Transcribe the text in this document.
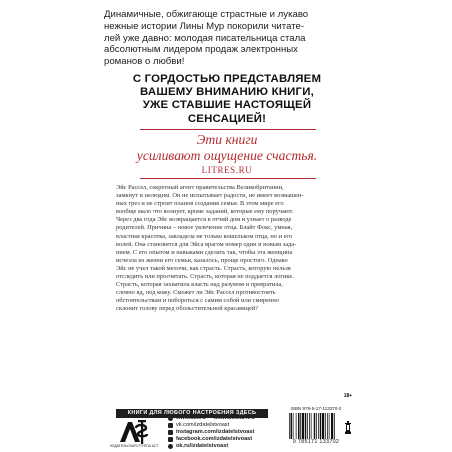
Динамичные, обжигающе страстные и лукаво
нежные истории Лины Мур покорили читате-
лей уже давно: молодая писательница стала
абсолютным лидером продаж электронных
романов о любви!
С ГОРДОСТЬЮ ПРЕДСТАВЛЯЕМ
ВАШЕМУ ВНИМАНИЮ КНИГИ,
УЖЕ СТАВШИЕ НАСТОЯЩЕЙ
СЕНСАЦИЕЙ!
Эти книги
усиливают ощущение счастья.
LITRES.RU
Эйс Рассел, секретный агент правительства Великобритании,
замкнут и нелюдим. Он не испытывает радости, не имеет возвышен-
ных грез и не строит планов создания семьи. В этом мире его
вообще мало что волнует, кроме заданий, которые ему поручают.
Через два года Эйс возвращается в отчий дом и узнает о разводе
родителей. Причина – новое увлечение отца. Блайт Фокс, умная,
властная красотка, завладела не только кошельком отца, но и его
волей. Она становится для Эйса врагом номер один и новым зада-
нием. С его опытом и навыками сделать так, чтобы эта женщина
исчезла из жизни его семьи, казалось, проще простого. Однако
Эйс не учел такой мелочи, как страсть. Страсть, которую нельзя
отследить или просчитать. Страсть, которая не поддается логике.
Страсть, которая захватила власть над разумом и превратила,
словно яд, под кожу. Сможет ли Эйс Рассел противостоять
обстоятельствам и побороться с самим собой или смиренно
склонит голову перед обольстительной красавицей?
18+
КНИГИ ДЛЯ ЛЮБОГО НАСТРОЕНИЯ ЗДЕСЬ
ИЗДАТЕЛЬСКАЯ ГРУППА АСТ
www.ast.ru • www.book24.ru
vk.com/izdatelstvoast
instagram.com/izdatelstvoast
facebook.com/izdatelstvoast
ok.ru/izdatelstvoast
ISBN 978-5-17-113370-2
9 785171 133702
